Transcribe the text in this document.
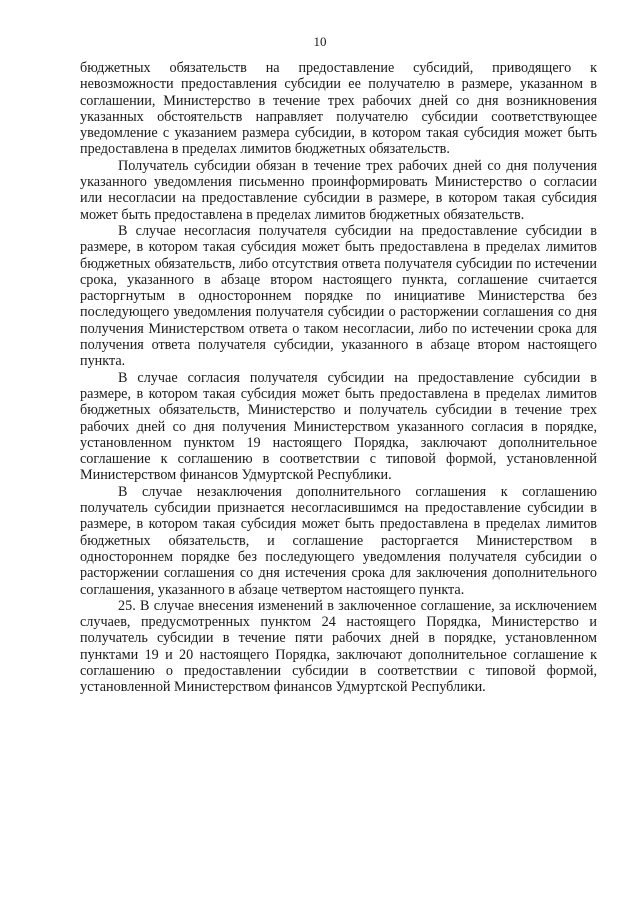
10

бюджетных обязательств на предоставление субсидий, приводящего к невозможности предоставления субсидии ее получателю в размере, указанном в соглашении, Министерство в течение трех рабочих дней со дня возникновения указанных обстоятельств направляет получателю субсидии соответствующее уведомление с указанием размера субсидии, в котором такая субсидия может быть предоставлена в пределах лимитов бюджетных обязательств.

Получатель субсидии обязан в течение трех рабочих дней со дня получения указанного уведомления письменно проинформировать Министерство о согласии или несогласии на предоставление субсидии в размере, в котором такая субсидия может быть предоставлена в пределах лимитов бюджетных обязательств.

В случае несогласия получателя субсидии на предоставление субсидии в размере, в котором такая субсидия может быть предоставлена в пределах лимитов бюджетных обязательств, либо отсутствия ответа получателя субсидии по истечении срока, указанного в абзаце втором настоящего пункта, соглашение считается расторгнутым в одностороннем порядке по инициативе Министерства без последующего уведомления получателя субсидии о расторжении соглашения со дня получения Министерством ответа о таком несогласии, либо по истечении срока для получения ответа получателя субсидии, указанного в абзаце втором настоящего пункта.

В случае согласия получателя субсидии на предоставление субсидии в размере, в котором такая субсидия может быть предоставлена в пределах лимитов бюджетных обязательств, Министерство и получатель субсидии в течение трех рабочих дней со дня получения Министерством указанного согласия в порядке, установленном пунктом 19 настоящего Порядка, заключают дополнительное соглашение к соглашению в соответствии с типовой формой, установленной Министерством финансов Удмуртской Республики.

В случае незаключения дополнительного соглашения к соглашению получатель субсидии признается несогласившимся на предоставление субсидии в размере, в котором такая субсидия может быть предоставлена в пределах лимитов бюджетных обязательств, и соглашение расторгается Министерством в одностороннем порядке без последующего уведомления получателя субсидии о расторжении соглашения со дня истечения срока для заключения дополнительного соглашения, указанного в абзаце четвертом настоящего пункта.

25. В случае внесения изменений в заключенное соглашение, за исключением случаев, предусмотренных пунктом 24 настоящего Порядка, Министерство и получатель субсидии в течение пяти рабочих дней в порядке, установленном пунктами 19 и 20 настоящего Порядка, заключают дополнительное соглашение к соглашению о предоставлении субсидии в соответствии с типовой формой, установленной Министерством финансов Удмуртской Республики.
